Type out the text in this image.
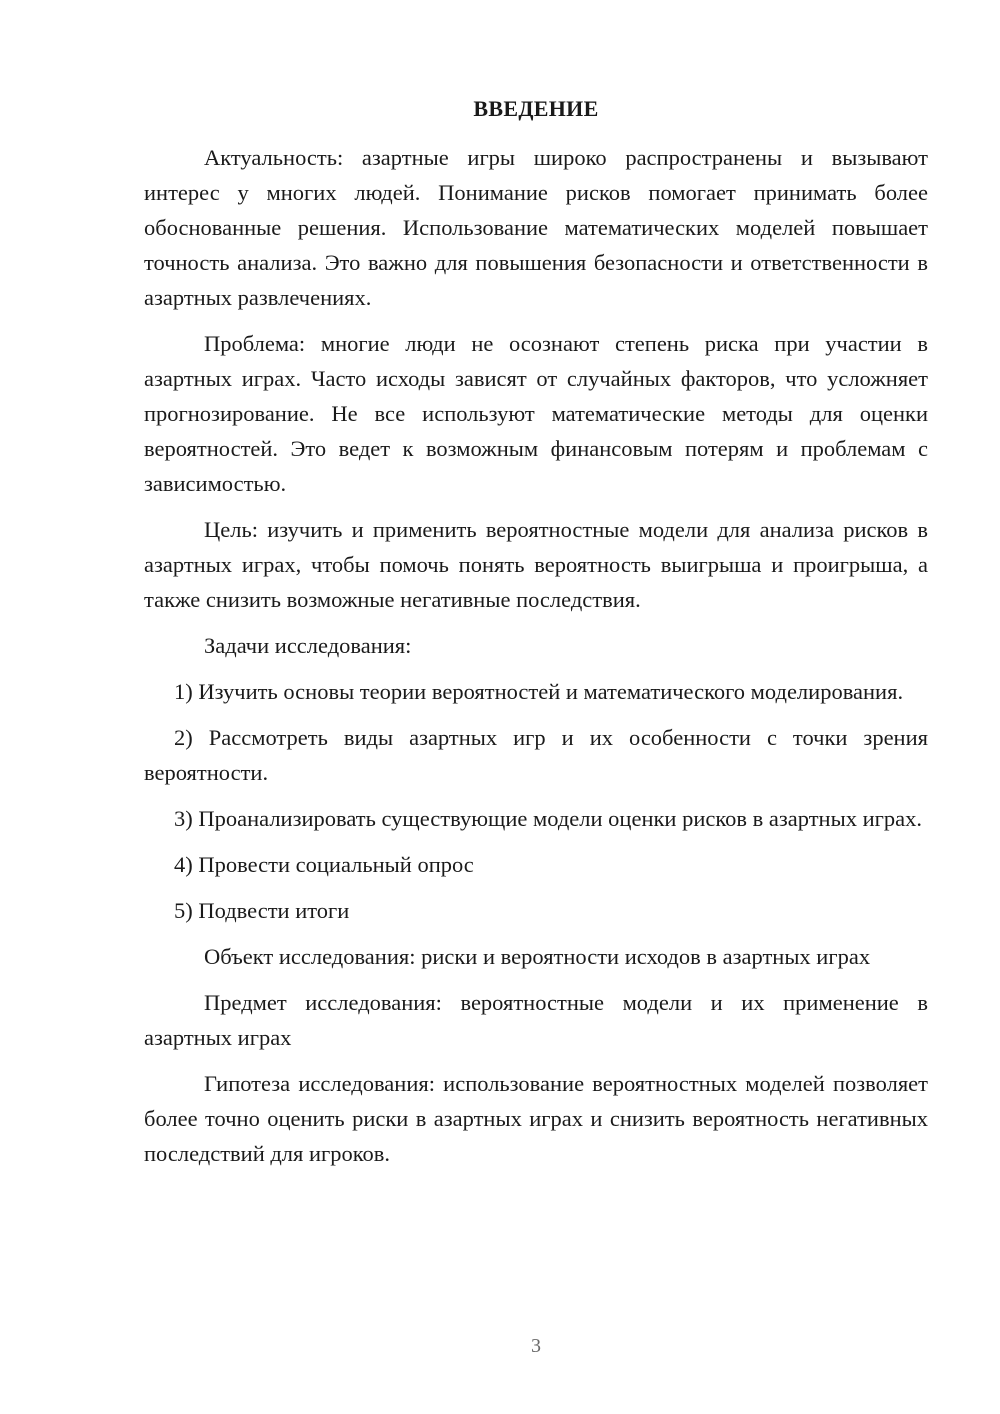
ВВЕДЕНИЕ

Актуальность: азартные игры широко распространены и вызывают интерес у многих людей. Понимание рисков помогает принимать более обоснованные решения. Использование математических моделей повышает точность анализа. Это важно для повышения безопасности и ответственности в азартных развлечениях.

Проблема: многие люди не осознают степень риска при участии в азартных играх. Часто исходы зависят от случайных факторов, что усложняет прогнозирование. Не все используют математические методы для оценки вероятностей. Это ведет к возможным финансовым потерям и проблемам с зависимостью.

Цель: изучить и применить вероятностные модели для анализа рисков в азартных играх, чтобы помочь понять вероятность выигрыша и проигрыша, а также снизить возможные негативные последствия.

Задачи исследования:

1) Изучить основы теории вероятностей и математического моделирования.

2) Рассмотреть виды азартных игр и их особенности с точки зрения вероятности.

3) Проанализировать существующие модели оценки рисков в азартных играх.

4) Провести социальный опрос

5) Подвести итоги

Объект исследования: риски и вероятности исходов в азартных играх

Предмет исследования: вероятностные модели и их применение в азартных играх

Гипотеза исследования: использование вероятностных моделей позволяет более точно оценить риски в азартных играх и снизить вероятность негативных последствий для игроков.

3
